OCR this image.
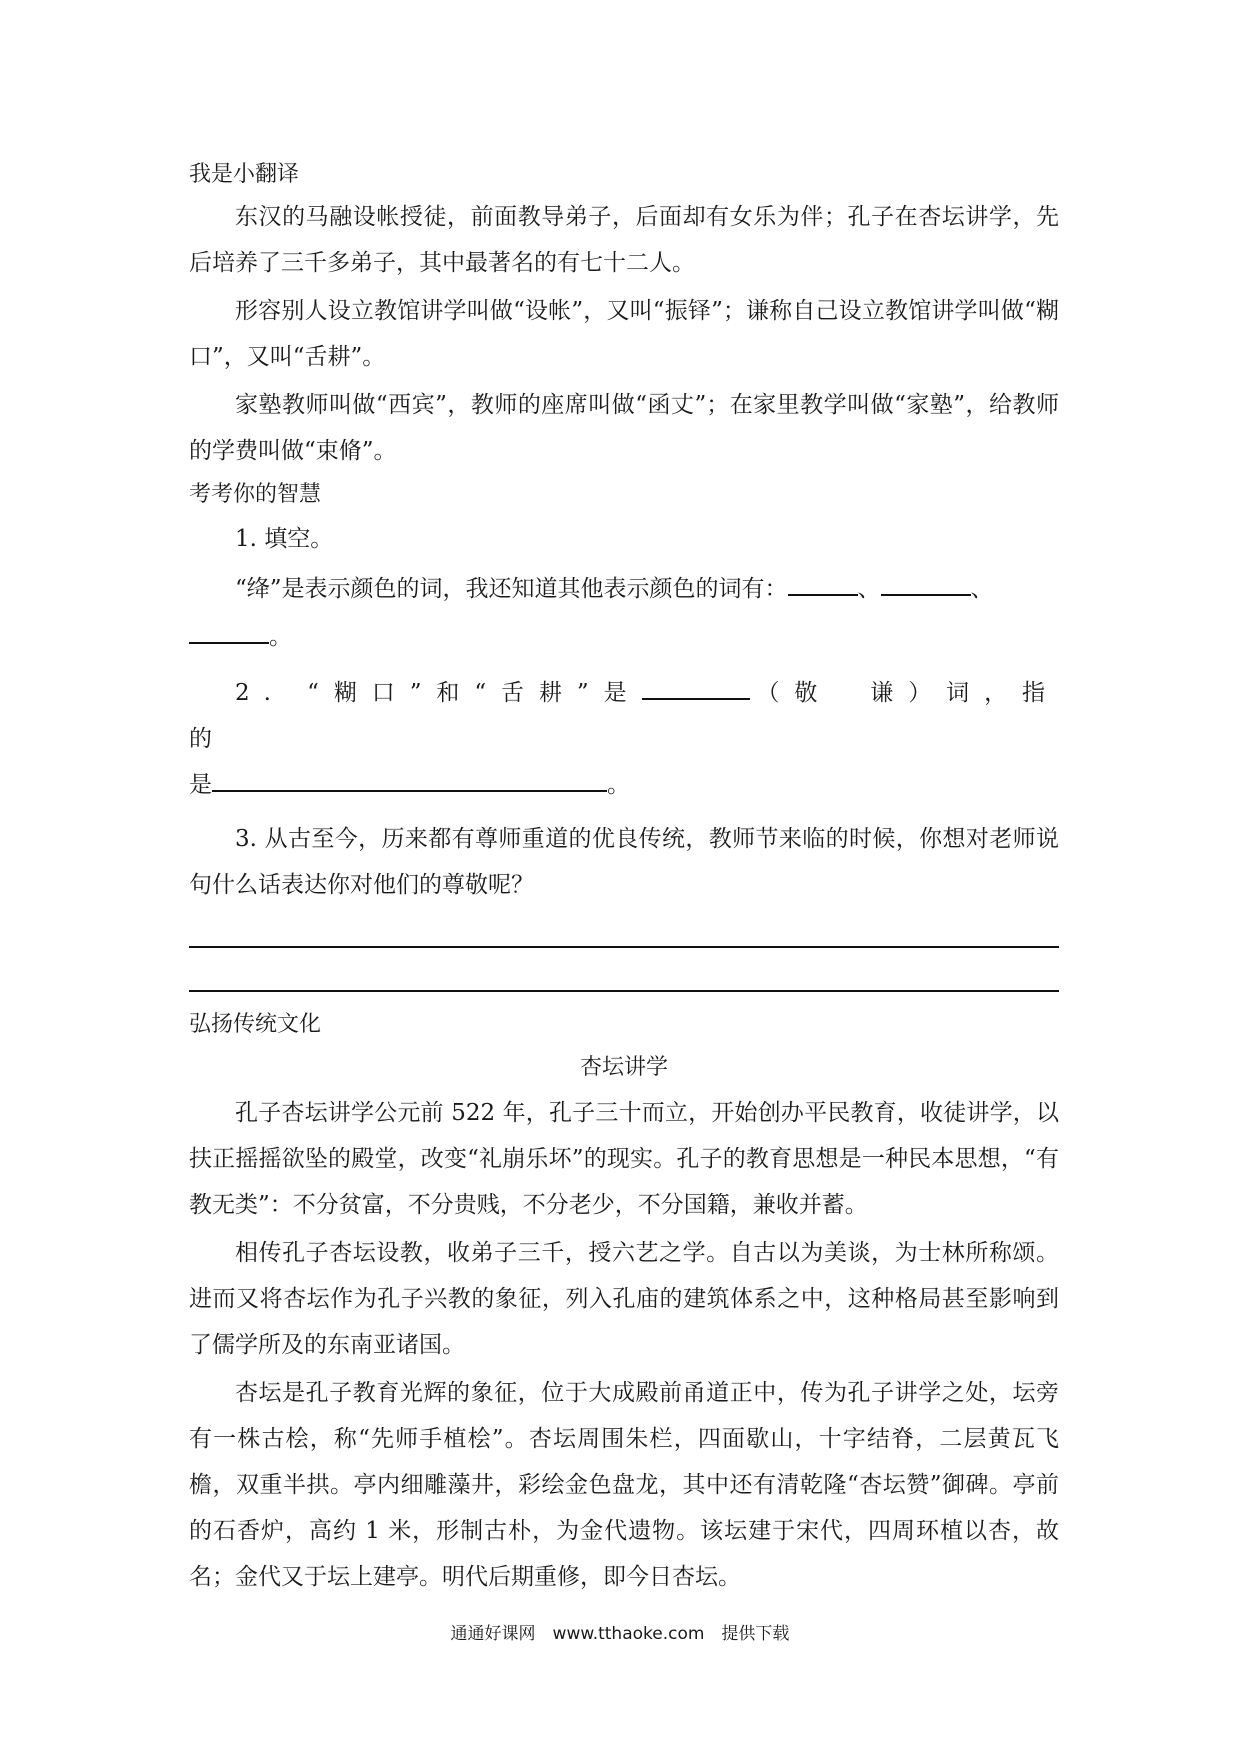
我是小翻译

东汉的马融设帐授徒，前面教导弟子，后面却有女乐为伴；孔子在杏坛讲学，先后培养了三千多弟子，其中最著名的有七十二人。

形容别人设立教馆讲学叫做“设帐”，又叫“振铎”；谦称自己设立教馆讲学叫做“糊口”，又叫“舌耕”。

家塾教师叫做“西宾”，教师的座席叫做“函丈”；在家里教学叫做“家塾”，给教师的学费叫做“束脩”。

考考你的智慧

1. 填空。

“绛”是表示颜色的词，我还知道其他表示颜色的词有：	、	、

。

2. “糊口”和“舌耕”是	（敬　谦）词，指的

是	。

3. 从古至今，历来都有尊师重道的优良传统，教师节来临的时候，你想对老师说句什么话表达你对他们的尊敬呢？

弘扬传统文化

杏坛讲学

孔子杏坛讲学公元前 522 年，孔子三十而立，开始创办平民教育，收徒讲学，以扶正摇摇欲坠的殿堂，改变“礼崩乐坏”的现实。孔子的教育思想是一种民本思想，“有教无类”：不分贫富，不分贵贱，不分老少，不分国籍，兼收并蓄。

相传孔子杏坛设教，收弟子三千，授六艺之学。自古以为美谈，为士林所称颂。进而又将杏坛作为孔子兴教的象征，列入孔庙的建筑体系之中，这种格局甚至影响到了儒学所及的东南亚诸国。

杏坛是孔子教育光辉的象征，位于大成殿前甬道正中，传为孔子讲学之处，坛旁有一株古桧，称“先师手植桧”。杏坛周围朱栏，四面歇山，十字结脊，二层黄瓦飞檐，双重半拱。亭内细雕藻井，彩绘金色盘龙，其中还有清乾隆“杏坛赞”御碑。亭前的石香炉，高约 1 米，形制古朴，为金代遗物。该坛建于宋代，四周环植以杏，故名；金代又于坛上建亭。明代后期重修，即今日杏坛。

通通好课网　www.tthaoke.com　提供下载
